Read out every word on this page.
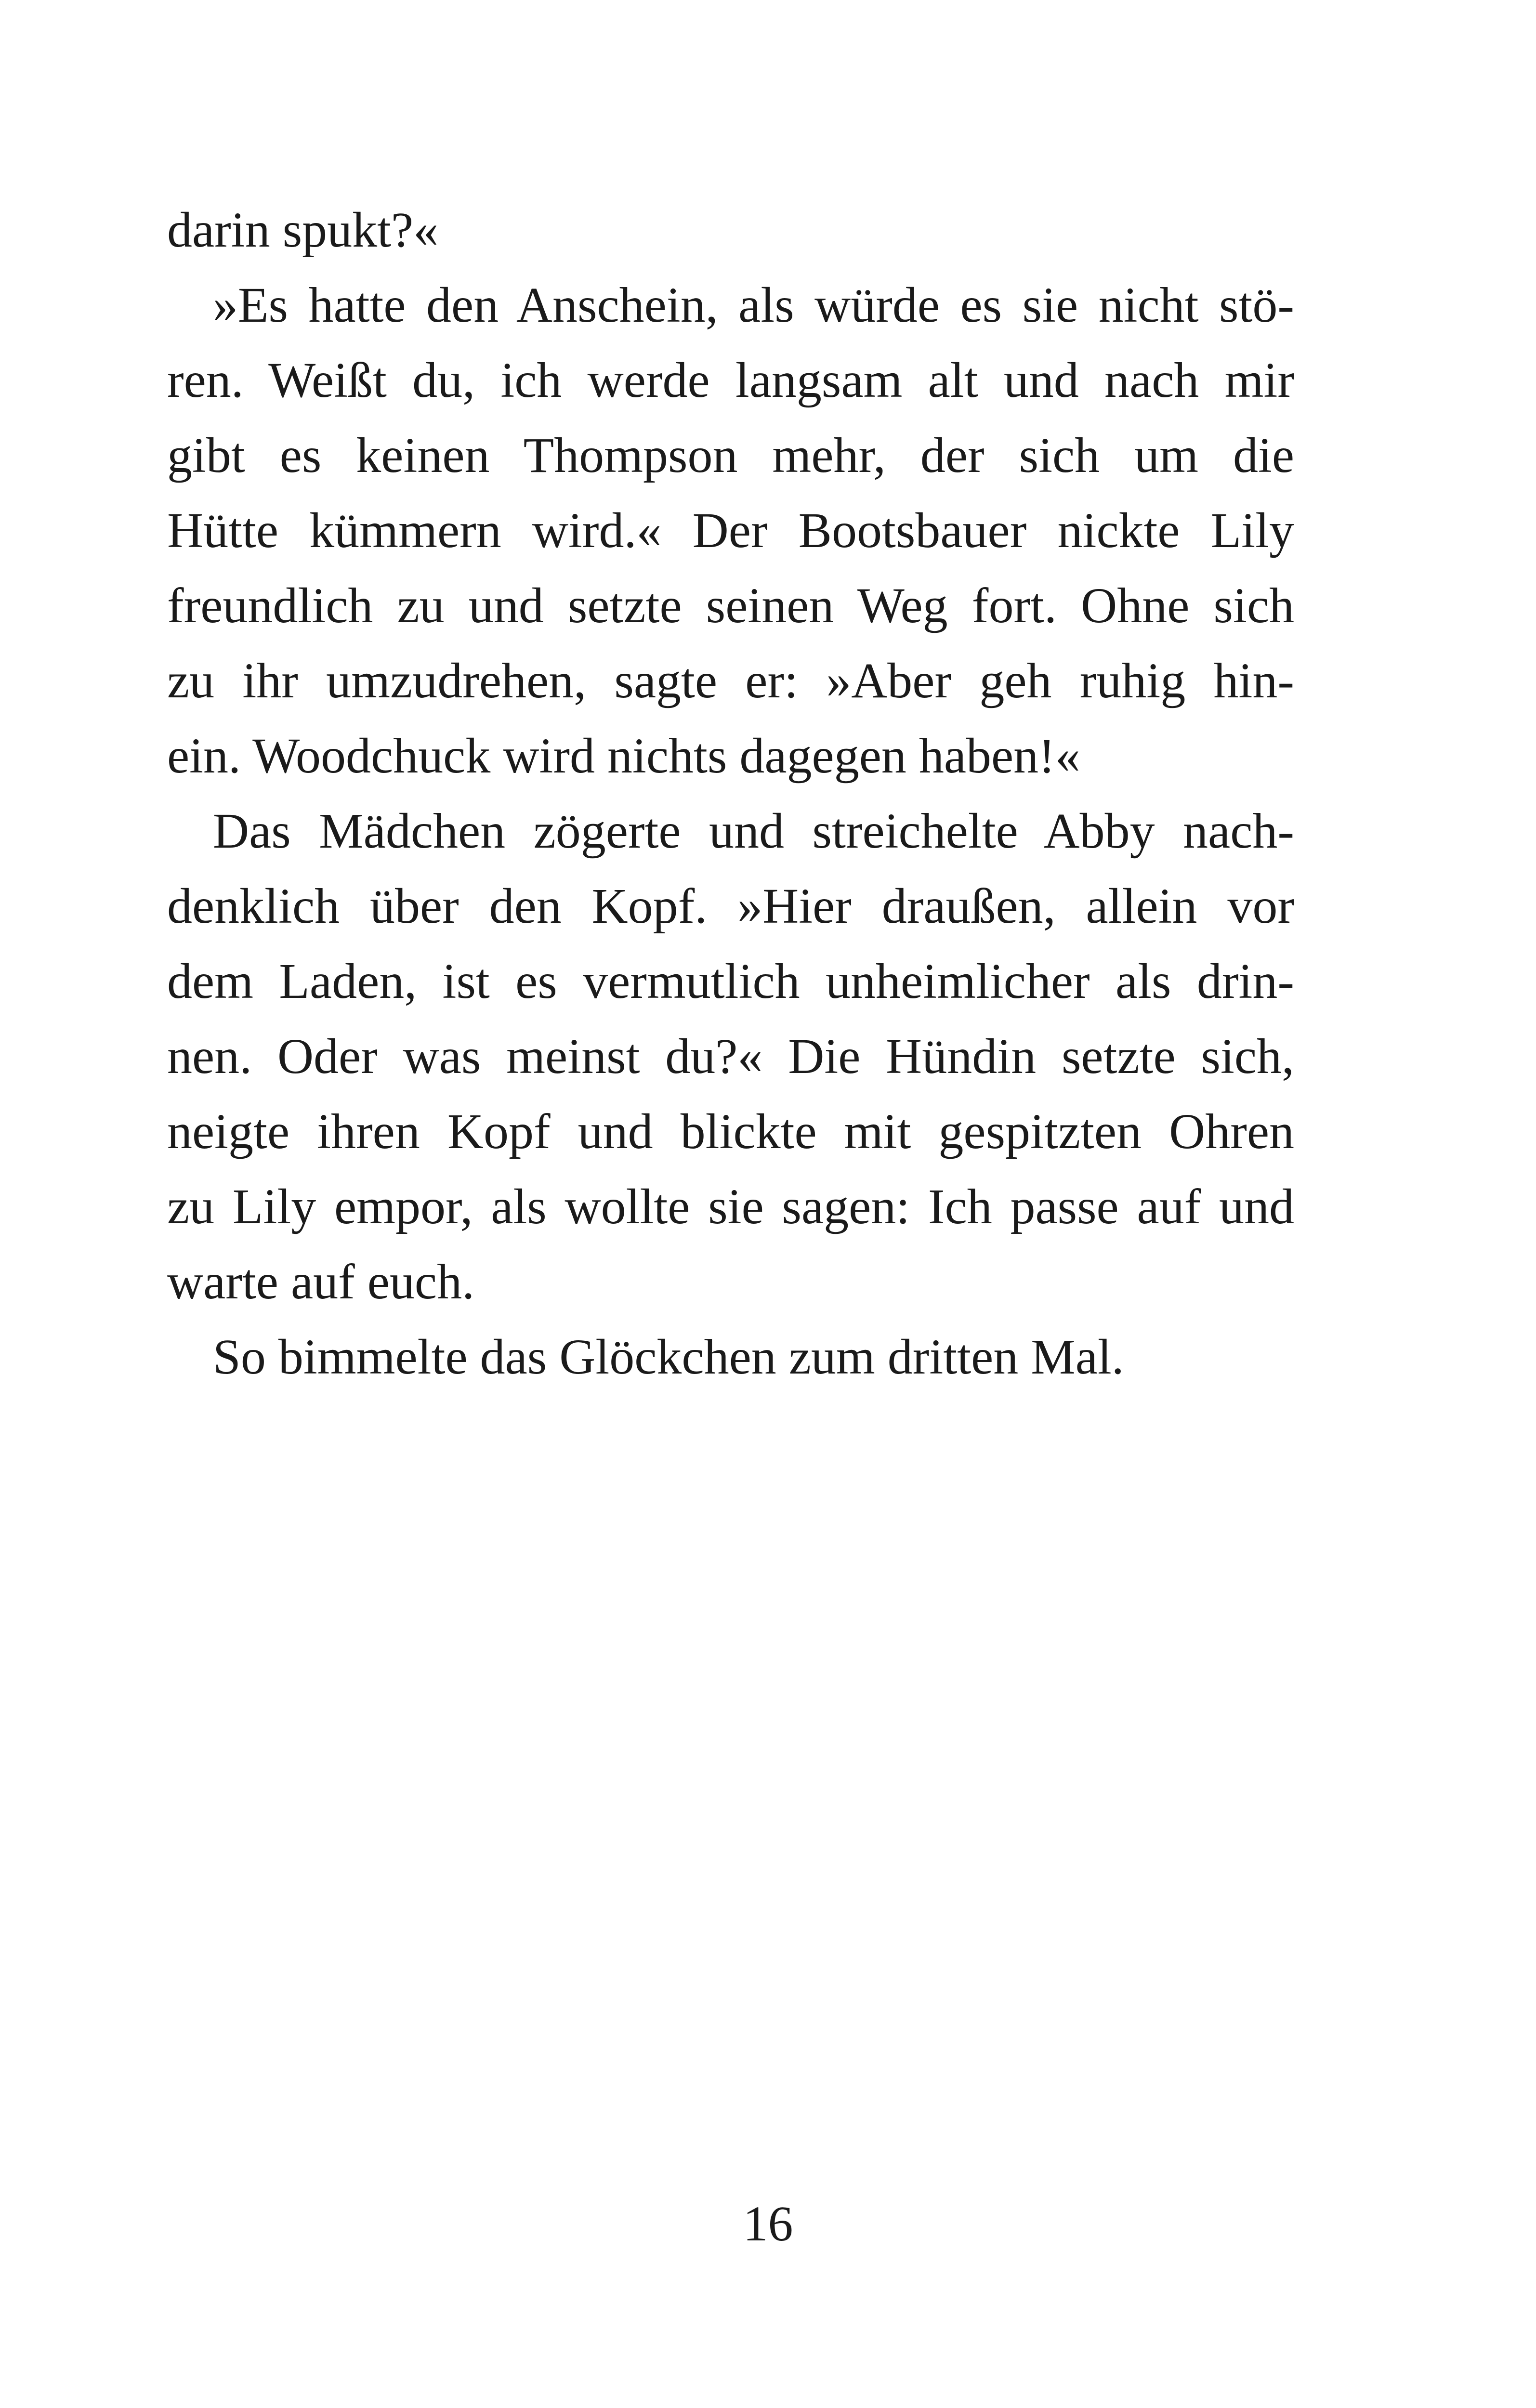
darin spukt?«
»Es hatte den Anschein, als würde es sie nicht stö-
ren. Weißt du, ich werde langsam alt und nach mir
gibt es keinen Thompson mehr, der sich um die
Hütte kümmern wird.« Der Bootsbauer nickte Lily
freundlich zu und setzte seinen Weg fort. Ohne sich
zu ihr umzudrehen, sagte er: »Aber geh ruhig hin-
ein. Woodchuck wird nichts dagegen haben!«
Das Mädchen zögerte und streichelte Abby nach-
denklich über den Kopf. »Hier draußen, allein vor
dem Laden, ist es vermutlich unheimlicher als drin-
nen. Oder was meinst du?« Die Hündin setzte sich,
neigte ihren Kopf und blickte mit gespitzten Ohren
zu Lily empor, als wollte sie sagen: Ich passe auf und
warte auf euch.
So bimmelte das Glöckchen zum dritten Mal.
16
